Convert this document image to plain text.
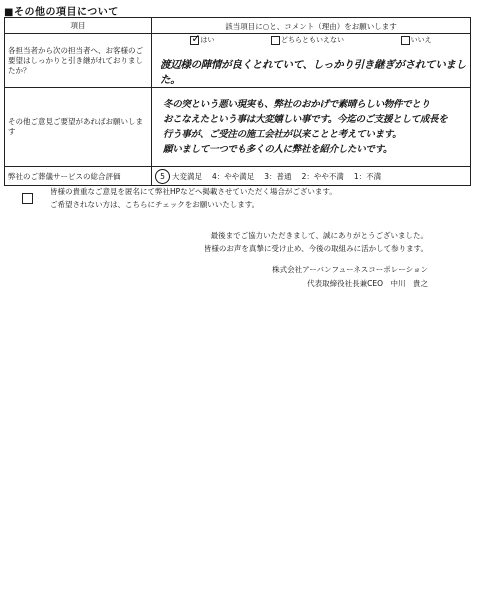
■その他の項目について
項目	該当項目に○と、コメント（理由）をお願いします

各担当者から次の担当者へ、お客様のご要望はしっかりと引き継がれておりましたか？	✓ はい どちらともいえない いいえ
渡辺様の陣情が良くとれていて、しっかり引き継ぎがされていました。

その他ご意見ご要望があればお願いします	冬の突という悪い現実も、弊社のおかげで素晴らしい物件でとり
おこなえたという事は大変嬉しい事です。今迄のご支援として成長を
行う事が、ご受注の施工会社が以来ことと考えています。
願いまして一つでも多くの人に弊社を紹介したいです。

弊社のご葬儀サービスの総合評価	5 大変満足 4：やや満足 3：普通 2：やや不満 1：不満
皆様の貴重なご意見を匿名にて弊社HPなどへ掲載させていただく場合がございます。
ご希望されない方は、こちらにチェックをお願いいたします。
最後までご協力いただきまして、誠にありがとうございました。
皆様のお声を真摯に受け止め、今後の取組みに活かして参ります。
株式会社アーバンフューネスコーポレーション
代表取締役社長兼CEO　中川　貴之
